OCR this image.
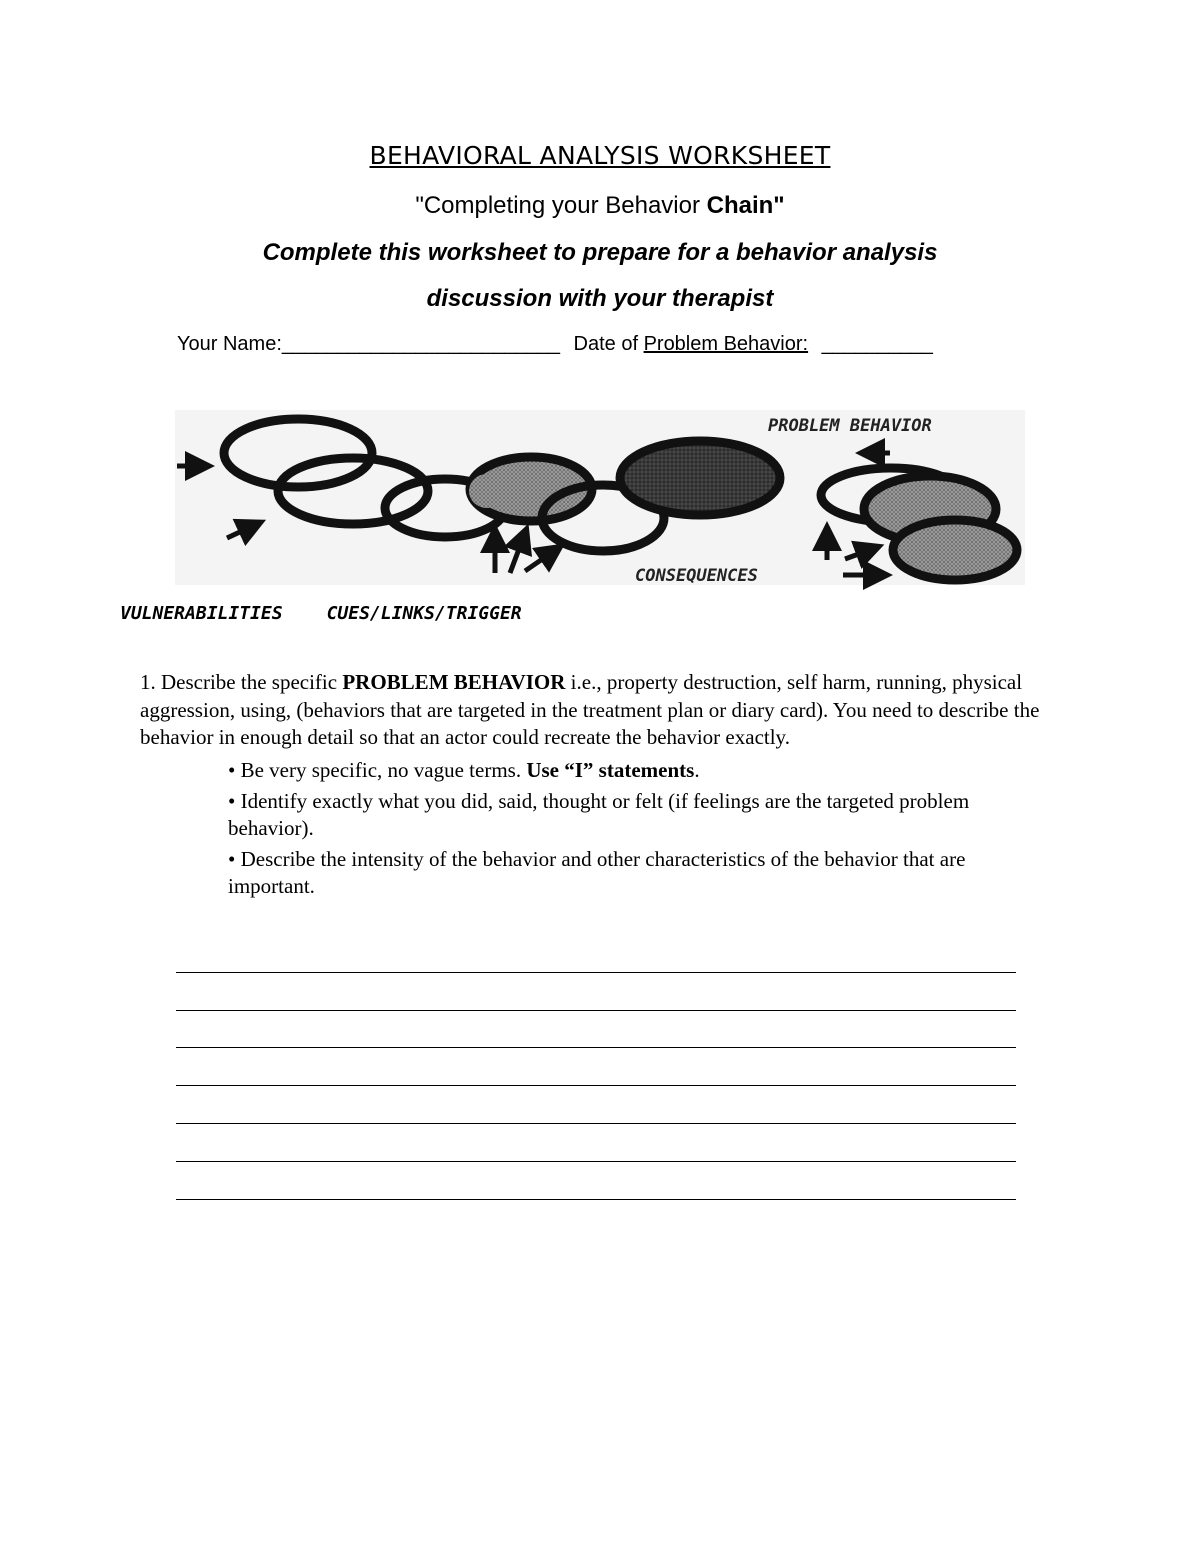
BEHAVIORAL ANALYSIS WORKSHEET
"Completing your Behavior Chain"
Complete this worksheet to prepare for a behavior analysis
discussion with your therapist
Your Name:_________________________ Date of Problem Behavior: __________
PROBLEM BEHAVIOR
CONSEQUENCES
VULNERABILITIES CUES/LINKS/TRIGGER
1. Describe the specific PROBLEM BEHAVIOR i.e., property destruction, self harm, running, physical aggression, using, (behaviors that are targeted in the treatment plan or diary card). You need to describe the behavior in enough detail so that an actor could recreate the behavior exactly.
• Be very specific, no vague terms. Use “I” statements.
• Identify exactly what you did, said, thought or felt (if feelings are the targeted problem behavior).
• Describe the intensity of the behavior and other characteristics of the behavior that are important.
